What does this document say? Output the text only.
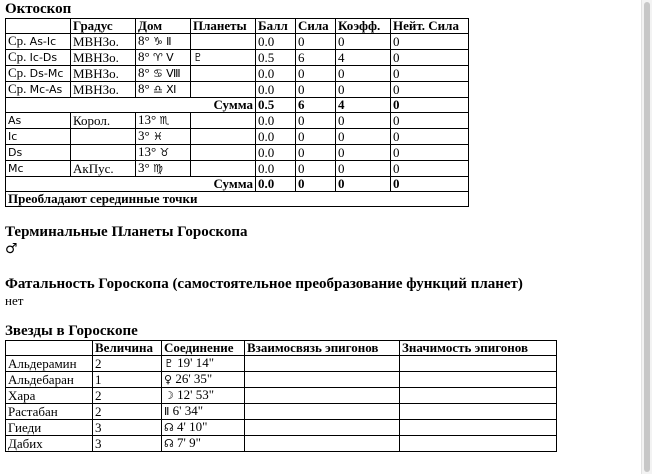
Октоскоп
	Градус	Дом	Планеты	Балл	Сила	Коэфф.	Нейт. Сила
Ср. As-Ic	МВНЗо.	8° ♑ Ⅱ		0.0	0	0	0
Ср. Ic-Ds	МВНЗо.	8° ♈ Ⅴ	♇	0.5	6	4	0
Ср. Ds-Mc	МВНЗо.	8° ♋ Ⅷ		0.0	0	0	0
Ср. Mc-As	МВНЗо.	8° ♎ Ⅺ		0.0	0	0	0
Сумма				0.5	6	4	0
As	Корол.	13° ♏		0.0	0	0	0
Ic		3° ♓		0.0	0	0	0
Ds		13° ♉		0.0	0	0	0
Mc	АкПус.	3° ♍		0.0	0	0	0
Сумма				0.0	0	0	0
Преобладают серединные точки							
Терминальные Планеты Гороскопа

♂

Фатальность Гороскопа (самостоятельное преобразование функций планет)

нет

Звезды в Гороскопе
	Величина	Соединение	Взаимосвязь эпигонов	Значимость эпигонов
Альдерамин	2	♇ 19' 14"		
Альдебаран	1	♀ 26' 35"		
Хара	2	☽ 12' 53"		
Растабан	2	Ⅱ 6' 34"		
Гиеди	3	☊ 4' 10"		
Дабих	3	☊ 7' 9"		
